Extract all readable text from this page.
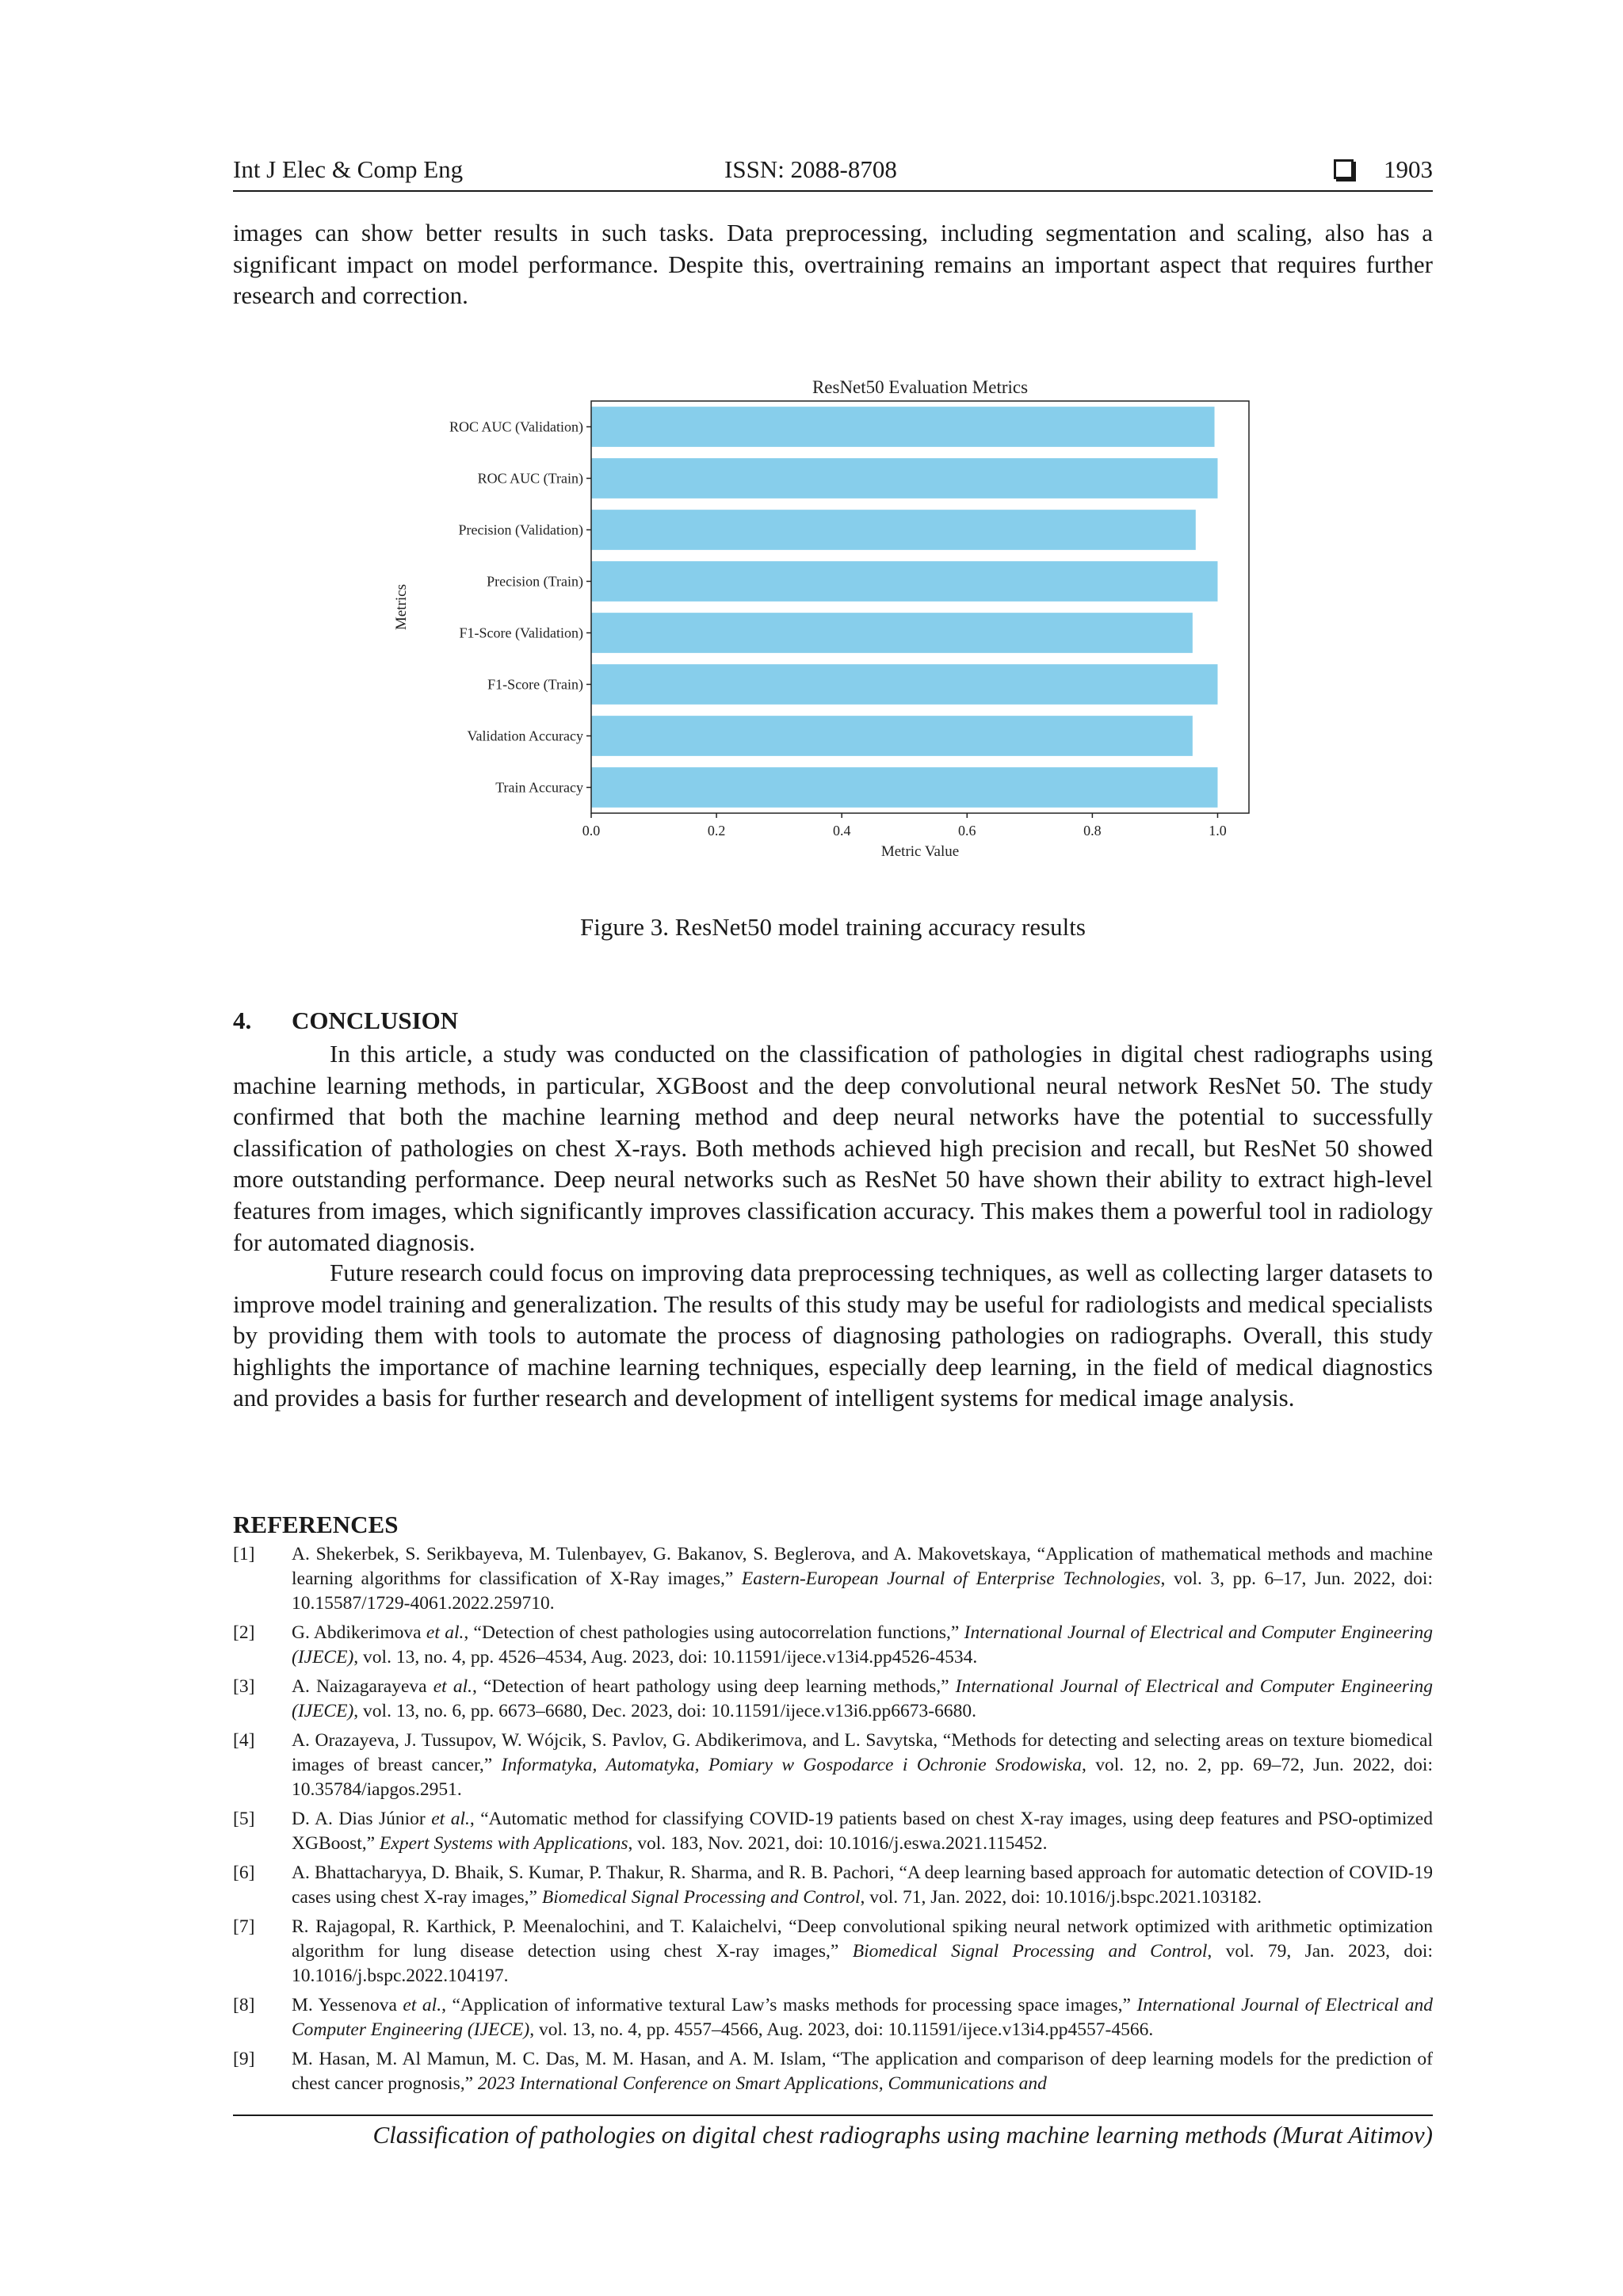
Int J Elec & Comp Eng	ISSN: 2088-8708	1903

images can show better results in such tasks. Data preprocessing, including segmentation and scaling, also has a significant impact on model performance. Despite this, overtraining remains an important aspect that requires further research and correction.

ResNet50 Evaluation Metrics
Train Accuracy
Validation Accuracy
F1-Score (Train)
F1-Score (Validation)
Precision (Train)
Precision (Validation)
ROC AUC (Train)
ROC AUC (Validation)
0.0	0.2	0.4	0.6	0.8	1.0
Metric Value
Metrics
Figure 3. ResNet50 model training accuracy results
4. CONCLUSION

In this article, a study was conducted on the classification of pathologies in digital chest radiographs using machine learning methods, in particular, XGBoost and the deep convolutional neural network ResNet 50. The study confirmed that both the machine learning method and deep neural networks have the potential to successfully classification of pathologies on chest X-rays. Both methods achieved high precision and recall, but ResNet 50 showed more outstanding performance. Deep neural networks such as ResNet 50 have shown their ability to extract high-level features from images, which significantly improves classification accuracy. This makes them a powerful tool in radiology for automated diagnosis.

Future research could focus on improving data preprocessing techniques, as well as collecting larger datasets to improve model training and generalization. The results of this study may be useful for radiologists and medical specialists by providing them with tools to automate the process of diagnosing pathologies on radiographs. Overall, this study highlights the importance of machine learning techniques, especially deep learning, in the field of medical diagnostics and provides a basis for further research and development of intelligent systems for medical image analysis.

REFERENCES
[1] A. Shekerbek, S. Serikbayeva, M. Tulenbayev, G. Bakanov, S. Beglerova, and A. Makovetskaya, “Application of mathematical methods and machine learning algorithms for classification of X-Ray images,” Eastern-European Journal of Enterprise Technologies, vol. 3, pp. 6–17, Jun. 2022, doi: 10.15587/1729-4061.2022.259710.
[2] G. Abdikerimova et al., “Detection of chest pathologies using autocorrelation functions,” International Journal of Electrical and Computer Engineering (IJECE), vol. 13, no. 4, pp. 4526–4534, Aug. 2023, doi: 10.11591/ijece.v13i4.pp4526-4534.
[3] A. Naizagarayeva et al., “Detection of heart pathology using deep learning methods,” International Journal of Electrical and Computer Engineering (IJECE), vol. 13, no. 6, pp. 6673–6680, Dec. 2023, doi: 10.11591/ijece.v13i6.pp6673-6680.
[4] A. Orazayeva, J. Tussupov, W. Wójcik, S. Pavlov, G. Abdikerimova, and L. Savytska, “Methods for detecting and selecting areas on texture biomedical images of breast cancer,” Informatyka, Automatyka, Pomiary w Gospodarce i Ochronie Srodowiska, vol. 12, no. 2, pp. 69–72, Jun. 2022, doi: 10.35784/iapgos.2951.
[5] D. A. Dias Júnior et al., “Automatic method for classifying COVID-19 patients based on chest X-ray images, using deep features and PSO-optimized XGBoost,” Expert Systems with Applications, vol. 183, Nov. 2021, doi: 10.1016/j.eswa.2021.115452.
[6] A. Bhattacharyya, D. Bhaik, S. Kumar, P. Thakur, R. Sharma, and R. B. Pachori, “A deep learning based approach for automatic detection of COVID-19 cases using chest X-ray images,” Biomedical Signal Processing and Control, vol. 71, Jan. 2022, doi: 10.1016/j.bspc.2021.103182.
[7] R. Rajagopal, R. Karthick, P. Meenalochini, and T. Kalaichelvi, “Deep convolutional spiking neural network optimized with arithmetic optimization algorithm for lung disease detection using chest X-ray images,” Biomedical Signal Processing and Control, vol. 79, Jan. 2023, doi: 10.1016/j.bspc.2022.104197.
[8] M. Yessenova et al., “Application of informative textural Law’s masks methods for processing space images,” International Journal of Electrical and Computer Engineering (IJECE), vol. 13, no. 4, pp. 4557–4566, Aug. 2023, doi: 10.11591/ijece.v13i4.pp4557-4566.
[9] M. Hasan, M. Al Mamun, M. C. Das, M. M. Hasan, and A. M. Islam, “The application and comparison of deep learning models for the prediction of chest cancer prognosis,” 2023 International Conference on Smart Applications, Communications and
Classification of pathologies on digital chest radiographs using machine learning methods (Murat Aitimov)
